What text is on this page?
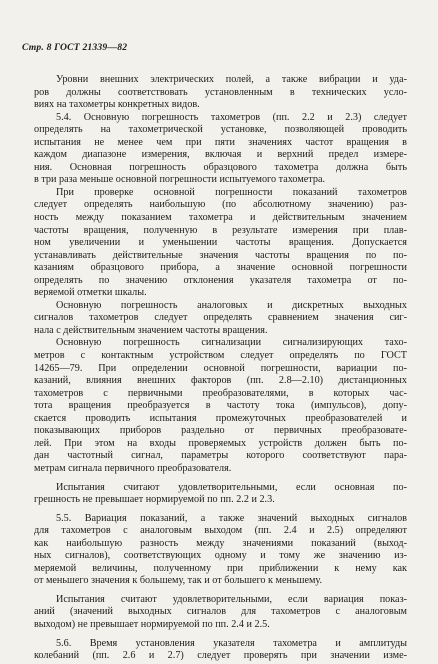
Стр. 8 ГОСТ 21339—82
Уровни внешних электрических полей, а также вибрации и уда-
ров должны соответствовать установленным в технических усло-
виях на тахометры конкретных видов.
5.4. Основную погрешность тахометров (пп. 2.2 и 2.3) следует
определять на тахометрической установке, позволяющей проводить
испытания не менее чем при пяти значениях частот вращения в
каждом диапазоне измерения, включая и верхний предел измере-
ния. Основная погрешность образцового тахометра должна быть
в три раза меньше основной погрешности испытуемого тахометра.
При проверке основной погрешности показаний тахометров
следует определять наибольшую (по абсолютному значению) раз-
ность между показанием тахометра и действительным значением
частоты вращения, полученную в результате измерения при плав-
ном увеличении и уменьшении частоты вращения. Допускается
устанавливать действительные значения частоты вращения по по-
казаниям образцового прибора, а значение основной погрешности
определять по значению отклонения указателя тахометра от по-
веряемой отметки шкалы.
Основную погрешность аналоговых и дискретных выходных
сигналов тахометров следует определять сравнением значения сиг-
нала с действительным значением частоты вращения.
Основную погрешность сигнализации сигнализирующих тахо-
метров с контактным устройством следует определять по ГОСТ
14265—79. При определении основной погрешности, вариации по-
казаний, влияния внешних факторов (пп. 2.8—2.10) дистанционных
тахометров с первичными преобразователями, в которых час-
тота вращения преобразуется в частоту тока (импульсов), допу-
скается проводить испытания промежуточных преобразователей и
показывающих приборов раздельно от первичных преобразовате-
лей. При этом на входы проверяемых устройств должен быть по-
дан частотный сигнал, параметры которого соответствуют пара-
метрам сигнала первичного преобразователя.
Испытания считают удовлетворительными, если основная по-
грешность не превышает нормируемой по пп. 2.2 и 2.3.
5.5. Вариация показаний, а также значений выходных сигналов
для тахометров с аналоговым выходом (пп. 2.4 и 2.5) определяют
как наибольшую разность между значениями показаний (выход-
ных сигналов), соответствующих одному и тому же значению из-
меряемой величины, полученному при приближении к нему как
от меньшего значения к большему, так и от большего к меньшему.
Испытания считают удовлетворительными, если вариация показ-
аний (значений выходных сигналов для тахометров с аналоговым
выходом) не превышает нормируемой по пп. 2.4 и 2.5.
5.6. Время установления указателя тахометра и амплитуды
колебаний (пп. 2.6 и 2.7) следует проверять при значении изме-
